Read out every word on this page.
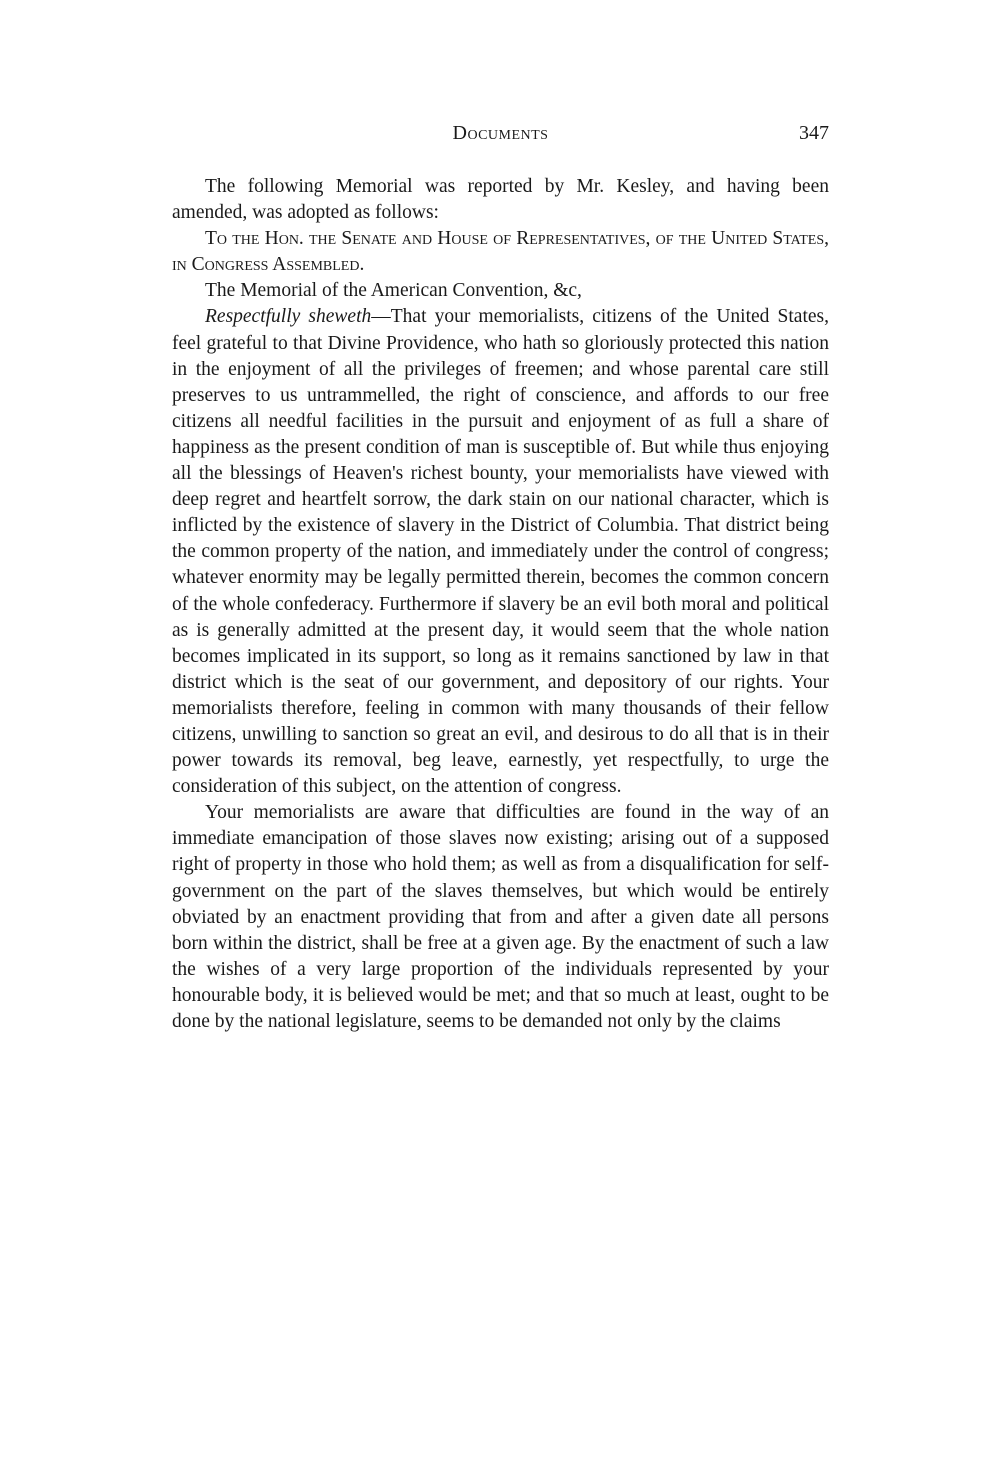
Documents	347

The following Memorial was reported by Mr. Kesley, and having been amended, was adopted as follows:

To the Hon. the Senate and House of Representatives, of the United States, in Congress Assembled.

The Memorial of the American Convention, &c,

Respectfully sheweth—That your memorialists, citizens of the United States, feel grateful to that Divine Providence, who hath so gloriously protected this nation in the enjoyment of all the privileges of freemen; and whose parental care still preserves to us untrammelled, the right of conscience, and affords to our free citizens all needful facilities in the pursuit and enjoyment of as full a share of happiness as the present condition of man is susceptible of. But while thus enjoying all the blessings of Heaven's richest bounty, your memorialists have viewed with deep regret and heartfelt sorrow, the dark stain on our national character, which is inflicted by the existence of slavery in the District of Columbia. That district being the common property of the nation, and immediately under the control of congress; whatever enormity may be legally permitted therein, becomes the common concern of the whole confederacy. Furthermore if slavery be an evil both moral and political as is generally admitted at the present day, it would seem that the whole nation becomes implicated in its support, so long as it remains sanctioned by law in that district which is the seat of our government, and depository of our rights. Your memorialists therefore, feeling in common with many thousands of their fellow citizens, unwilling to sanction so great an evil, and desirous to do all that is in their power towards its removal, beg leave, earnestly, yet respectfully, to urge the consideration of this subject, on the attention of congress.

Your memorialists are aware that difficulties are found in the way of an immediate emancipation of those slaves now existing; arising out of a supposed right of property in those who hold them; as well as from a disqualification for self-government on the part of the slaves themselves, but which would be entirely obviated by an enactment providing that from and after a given date all persons born within the district, shall be free at a given age. By the enactment of such a law the wishes of a very large proportion of the individuals represented by your honourable body, it is believed would be met; and that so much at least, ought to be done by the national legislature, seems to be demanded not only by the claims
